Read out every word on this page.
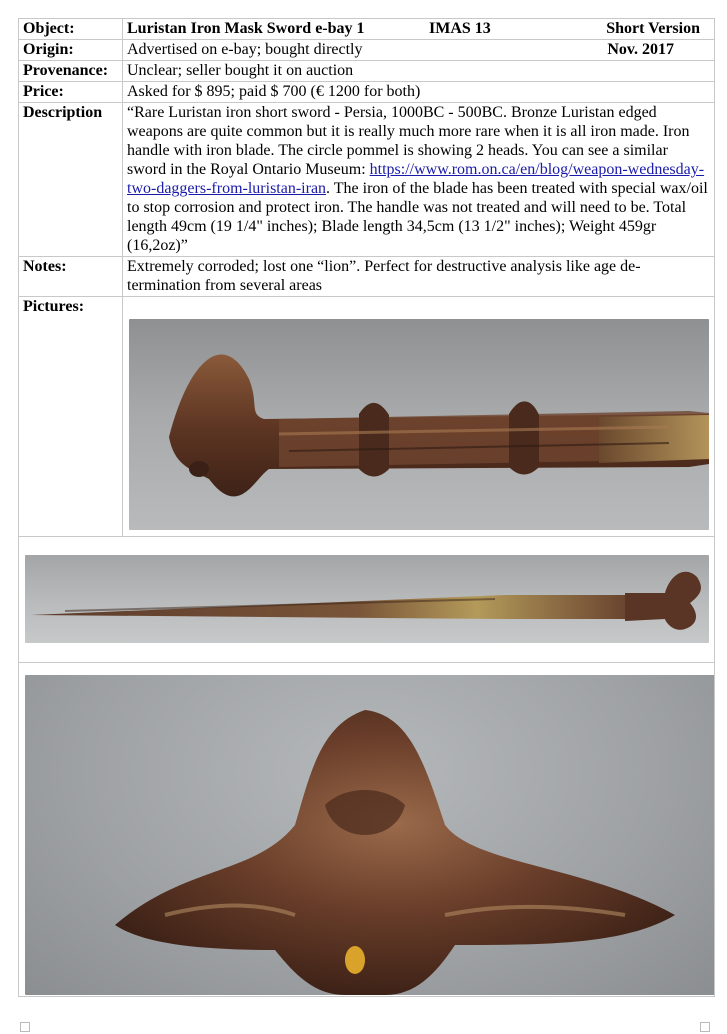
Object:	Luristan Iron Mask Sword e-bay 1 IMAS 13 Short Version

Origin:	Advertised on e-bay; bought directly Nov. 2017

Provenance:	Unclear; seller bought it on auction
Price:	Asked for $ 895; paid $ 700 (€ 1200 for both)
Description	“Rare Luristan iron short sword - Persia, 1000BC - 500BC. Bronze Luristan edged weapons are quite common but it is really much more rare when it is all iron made. Iron handle with iron blade. The circle pommel is showing 2 heads. You can see a similar sword in the Royal Ontario Museum: https://www.rom.on.ca/en/blog/weapon-wednesday-two-daggers-from-luristan-iran. The iron of the blade has been treated with special wax/oil to stop corrosion and protect iron. The handle was not treated and will need to be. Total length 49cm (19 1/4" inches); Blade length 34,5cm (13 1/2" inches); Weight 459gr (16,2oz)”
Notes:	Extremely corroded; lost one “lion”. Perfect for destructive analysis like age de-termination from several areas
Pictures:	
